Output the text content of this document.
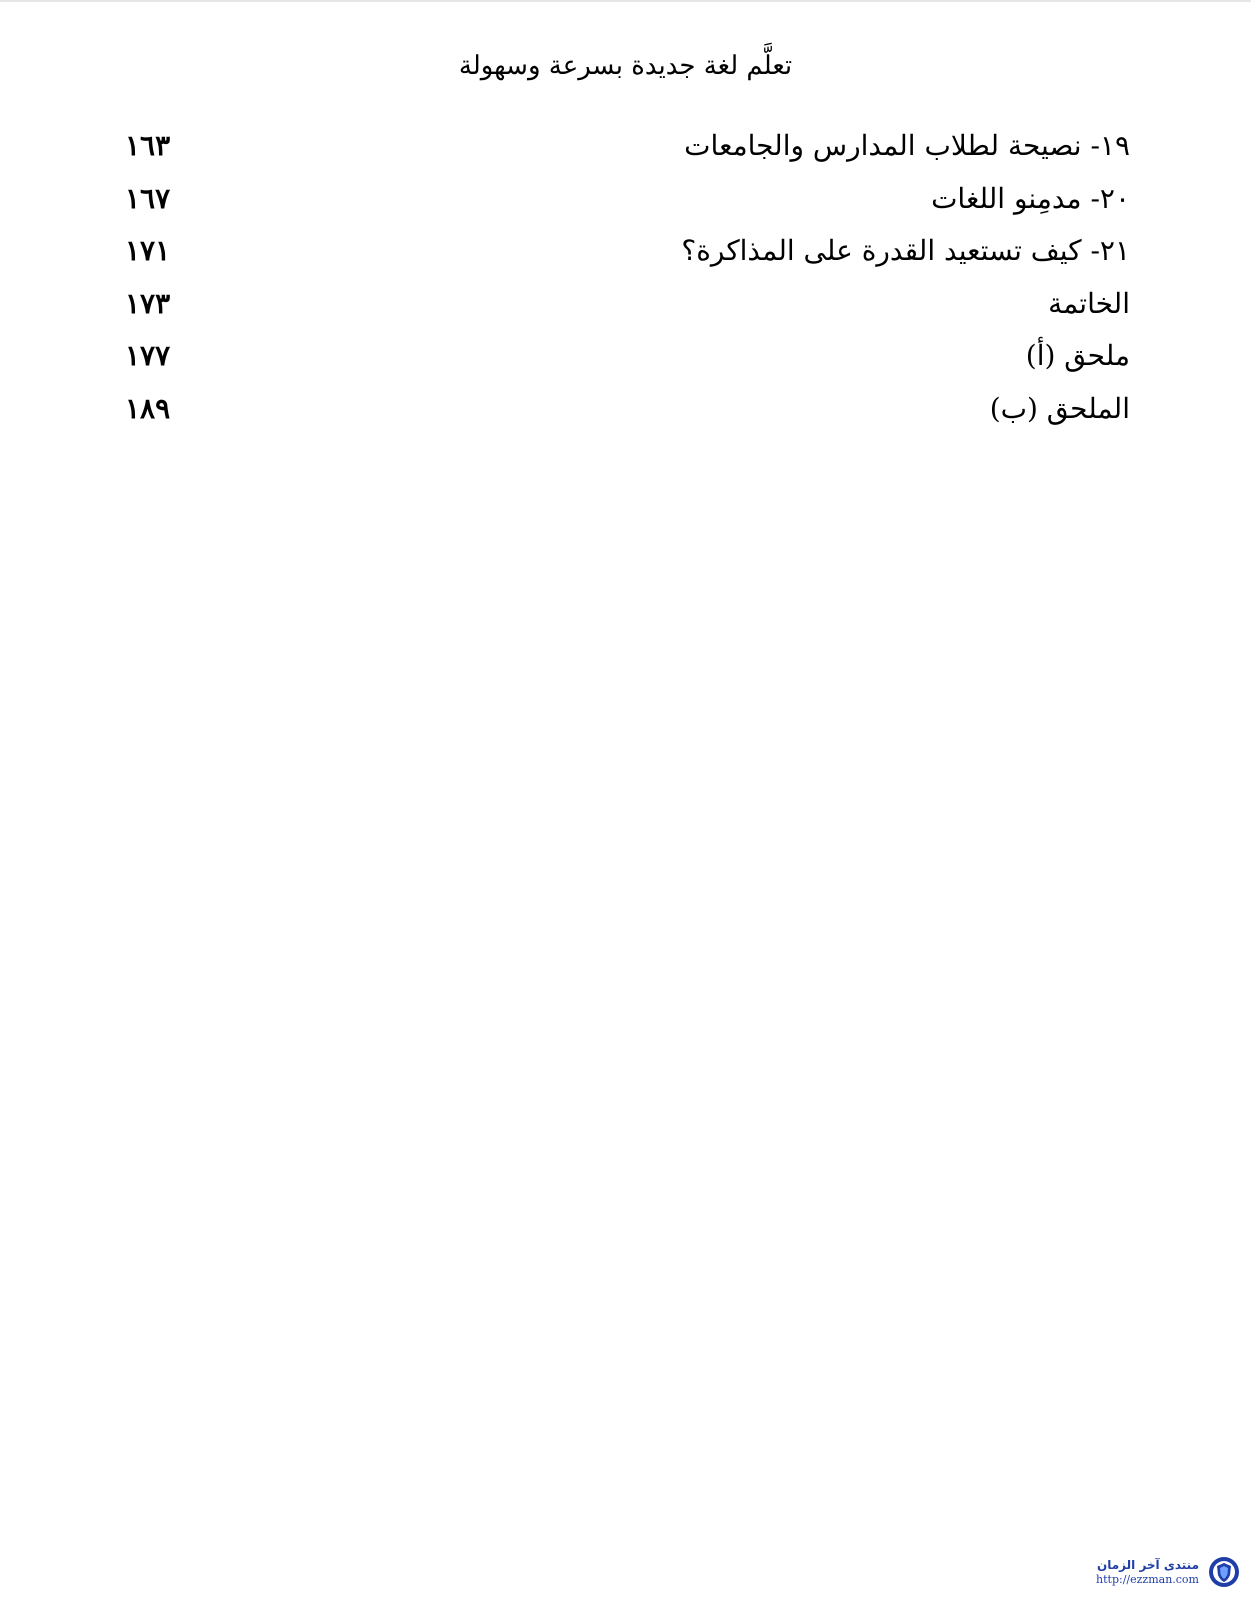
تعلَّم لغة جديدة بسرعة وسهولة
١٩- نصيحة لطلاب المدارس والجامعات
١٦٣
٢٠- مدمِنو اللغات
١٦٧
٢١- كيف تستعيد القدرة على المذاكرة؟
١٧١
الخاتمة
١٧٣
ملحق (أ)
١٧٧
الملحق (ب)
١٨٩
منتدى آخر الزمان
http://ezzman.com
